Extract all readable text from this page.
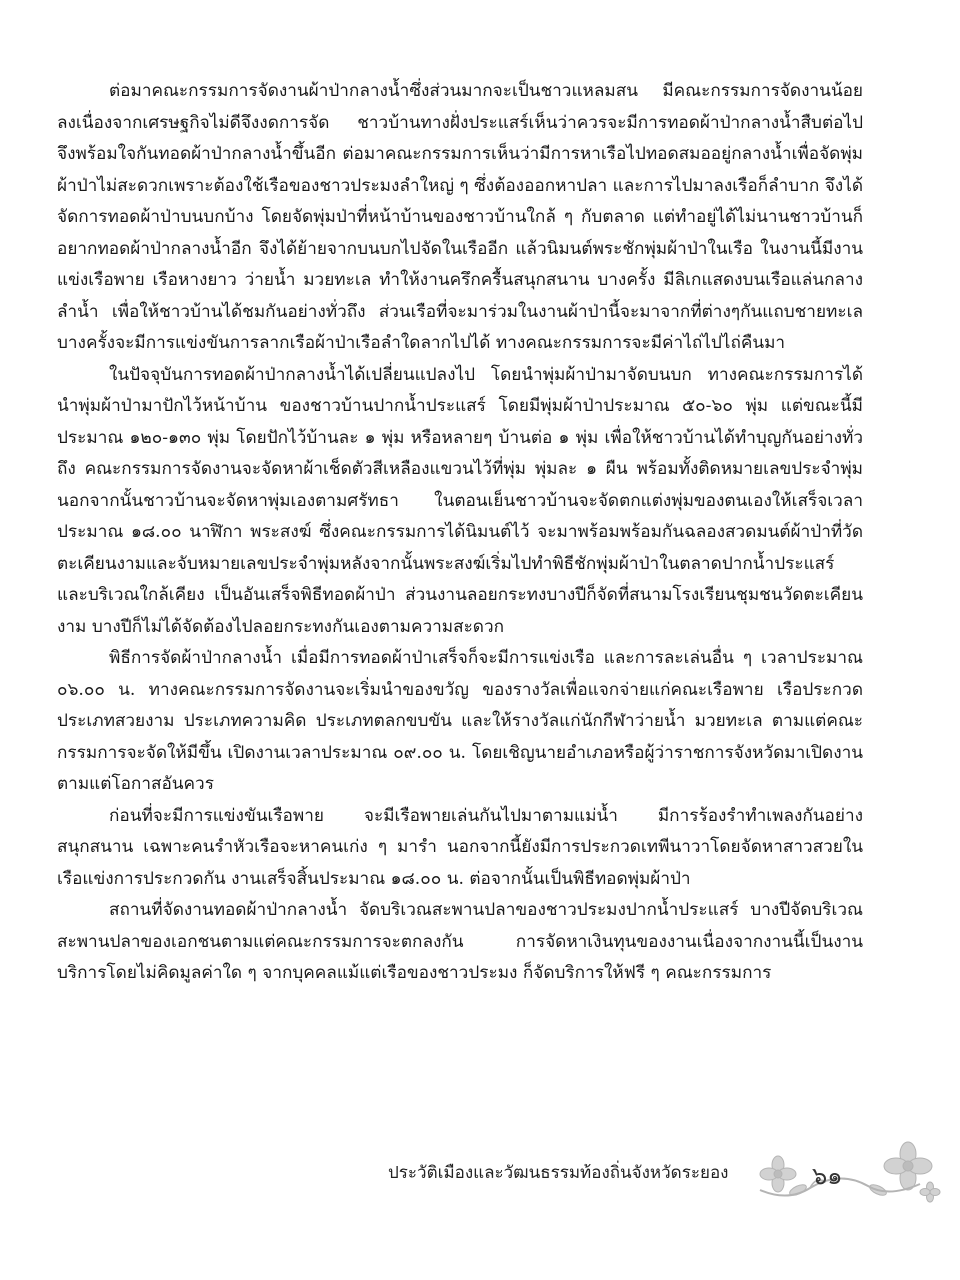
ต่อมาคณะกรรมการจัดงานผ้าป่ากลางน้ำซึ่งส่วนมากจะเป็นชาวแหลมสน มีคณะกรรมการจัดงานน้อยลงเนื่องจากเศรษฐกิจไม่ดีจึงงดการจัด ชาวบ้านทางฝั่งประแสร์เห็นว่าควรจะมีการทอดผ้าป่ากลางน้ำสืบต่อไป จึงพร้อมใจกันทอดผ้าป่ากลางน้ำขึ้นอีก ต่อมาคณะกรรมการเห็นว่ามีการหาเรือไปทอดสมออยู่กลางน้ำเพื่อจัดพุ่มผ้าป่าไม่สะดวกเพราะต้องใช้เรือของชาวประมงลำใหญ่ ๆ ซึ่งต้องออกหาปลา และการไปมาลงเรือก็ลำบาก จึงได้จัดการทอดผ้าป่าบนบกบ้าง โดยจัดพุ่มป่าที่หน้าบ้านของชาวบ้านใกล้ ๆ กับตลาด แต่ทำอยู่ได้ไม่นานชาวบ้านก็อยากทอดผ้าป่ากลางน้ำอีก จึงได้ย้ายจากบนบกไปจัดในเรืออีก แล้วนิมนต์พระชักพุ่มผ้าป่าในเรือ ในงานนี้มีงานแข่งเรือพาย เรือหางยาว ว่ายน้ำ มวยทะเล ทำให้งานครึกครื้นสนุกสนาน บางครั้ง มีลิเกแสดงบนเรือแล่นกลางลำน้ำ เพื่อให้ชาวบ้านได้ชมกันอย่างทั่วถึง ส่วนเรือที่จะมาร่วมในงานผ้าป่านี้จะมาจากที่ต่างๆกันแถบชายทะเล บางครั้งจะมีการแข่งขันการลากเรือผ้าป่าเรือลำใดลากไปได้ ทางคณะกรรมการจะมีค่าไถ่ไปไถ่คืนมา

ในปัจจุบันการทอดผ้าป่ากลางน้ำได้เปลี่ยนแปลงไป โดยนำพุ่มผ้าป่ามาจัดบนบก ทางคณะกรรมการได้นำพุ่มผ้าป่ามาปักไว้หน้าบ้าน ของชาวบ้านปากน้ำประแสร์ โดยมีพุ่มผ้าป่าประมาณ ๕๐-๖๐ พุ่ม แต่ขณะนี้มีประมาณ ๑๒๐-๑๓๐ พุ่ม โดยปักไว้บ้านละ ๑ พุ่ม หรือหลายๆ บ้านต่อ ๑ พุ่ม เพื่อให้ชาวบ้านได้ทำบุญกันอย่างทั่วถึง คณะกรรมการจัดงานจะจัดหาผ้าเช็ดตัวสีเหลืองแขวนไว้ที่พุ่ม พุ่มละ ๑ ผืน พร้อมทั้งติดหมายเลขประจำพุ่ม นอกจากนั้นชาวบ้านจะจัดหาพุ่มเองตามศรัทธา ในตอนเย็นชาวบ้านจะจัดตกแต่งพุ่มของตนเองให้เสร็จเวลาประมาณ ๑๘.๐๐ นาฬิกา พระสงฆ์ ซึ่งคณะกรรมการได้นิมนต์ไว้ จะมาพร้อมพร้อมกันฉลองสวดมนต์ผ้าป่าที่วัดตะเคียนงามและจับหมายเลขประจำพุ่มหลังจากนั้นพระสงฆ์เริ่มไปทำพิธีชักพุ่มผ้าป่าในตลาดปากน้ำประแสร์และบริเวณใกล้เคียง เป็นอันเสร็จพิธีทอดผ้าป่า ส่วนงานลอยกระทงบางปีก็จัดที่สนามโรงเรียนชุมชนวัดตะเคียนงาม บางปีก็ไม่ได้จัดต้องไปลอยกระทงกันเองตามความสะดวก

พิธีการจัดผ้าป่ากลางน้ำ เมื่อมีการทอดผ้าป่าเสร็จก็จะมีการแข่งเรือ และการละเล่นอื่น ๆ เวลาประมาณ ๐๖.๐๐ น. ทางคณะกรรมการจัดงานจะเริ่มนำของขวัญ ของรางวัลเพื่อแจกจ่ายแก่คณะเรือพาย เรือประกวด ประเภทสวยงาม ประเภทความคิด ประเภทตลกขบขัน และให้รางวัลแก่นักกีฬาว่ายน้ำ มวยทะเล ตามแต่คณะกรรมการจะจัดให้มีขึ้น เปิดงานเวลาประมาณ ๐๙.๐๐ น. โดยเชิญนายอำเภอหรือผู้ว่าราชการจังหวัดมาเปิดงานตามแต่โอกาสอันควร

ก่อนที่จะมีการแข่งขันเรือพาย จะมีเรือพายเล่นกันไปมาตามแม่น้ำ มีการร้องรำทำเพลงกันอย่างสนุกสนาน เฉพาะคนรำหัวเรือจะหาคนเก่ง ๆ มารำ นอกจากนี้ยังมีการประกวดเทพีนาวาโดยจัดหาสาวสวยในเรือแข่งการประกวดกัน งานเสร็จสิ้นประมาณ ๑๘.๐๐ น. ต่อจากนั้นเป็นพิธีทอดพุ่มผ้าป่า

สถานที่จัดงานทอดผ้าป่ากลางน้ำ จัดบริเวณสะพานปลาของชาวประมงปากน้ำประแสร์ บางปีจัดบริเวณสะพานปลาของเอกชนตามแต่คณะกรรมการจะตกลงกัน การจัดหาเงินทุนของงานเนื่องจากงานนี้เป็นงานบริการโดยไม่คิดมูลค่าใด ๆ จากบุคคลแม้แต่เรือของชาวประมง ก็จัดบริการให้ฟรี ๆ คณะกรรมการ

ประวัติเมืองและวัฒนธรรมท้องถิ่นจังหวัดระยอง	๖๑
